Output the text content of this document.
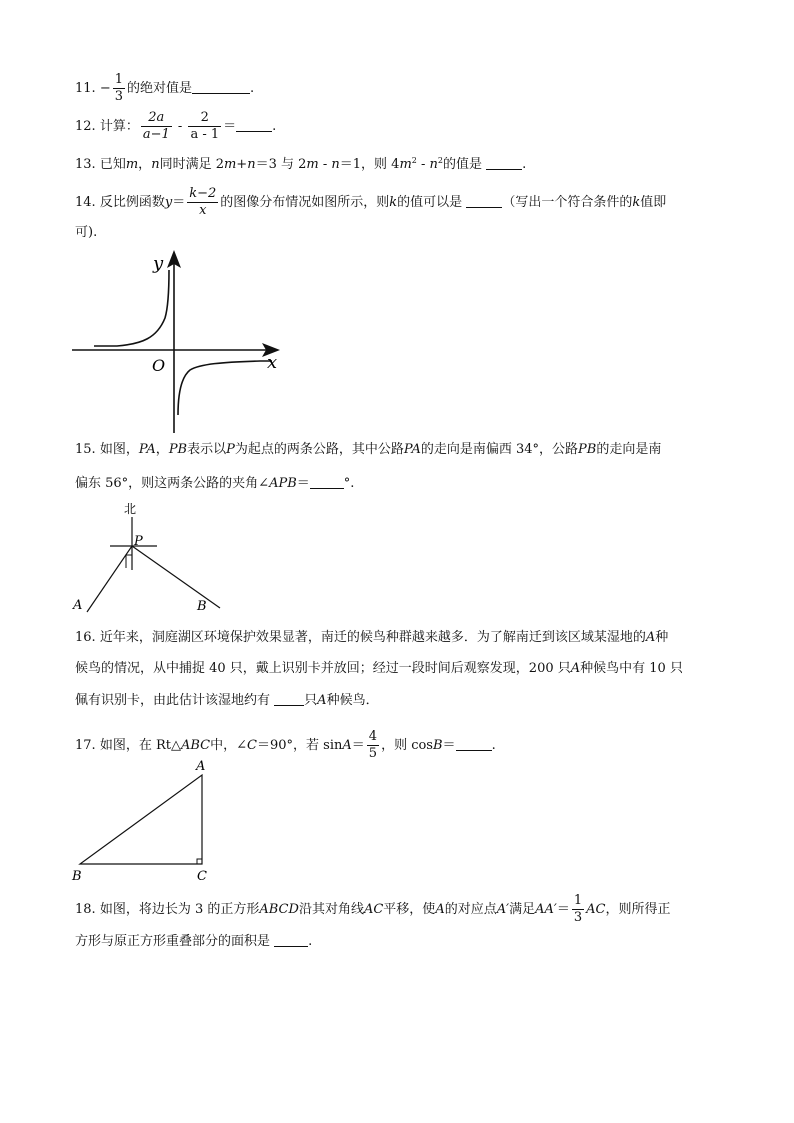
11. − $\frac{1}{3}$ 的绝对值是	.
12. 计算： $\frac{2a}{a-1} - \frac{2}{a - 1}$ ＝	.
13. 已知m，n同时满足 2m+n＝3 与 2m - n＝1，则 $4m^2 - n^2$的值是	.
14. 反比例函数$y= \frac{k-2}{x}$ 的图像分布情况如图所示，则k的值可以是	（写出一个符合条件的k值即
可).
y
x
O
15. 如图，PA，PB表示以P为起点的两条公路，其中公路PA的走向是南偏西 34°，公路PB的走向是南
偏东 56°，则这两条公路的夹角∠APB＝	°.
北
P
A	B
16. 近年来，洞庭湖区环境保护效果显著，南迁的候鸟种群越来越多．为了解南迁到该区域某湿地的A种
候鸟的情况，从中捕捉 40 只，戴上识别卡并放回；经过一段时间后观察发现，200 只A种候鸟中有 10 只
佩有识别卡，由此估计该湿地约有	只A种候鸟．
17. 如图，在 Rt△ABC中，∠C＝90°，若 $\sin A= \frac{4}{5}$ ，则 cosB＝	.
A
B	C
18. 如图，将边长为 3 的正方形ABCD沿其对角线AC平移，使A的对应点A′满足$AA'= \frac{1}{3}$ AC，则所得正
方形与原正方形重叠部分的面积是	.
